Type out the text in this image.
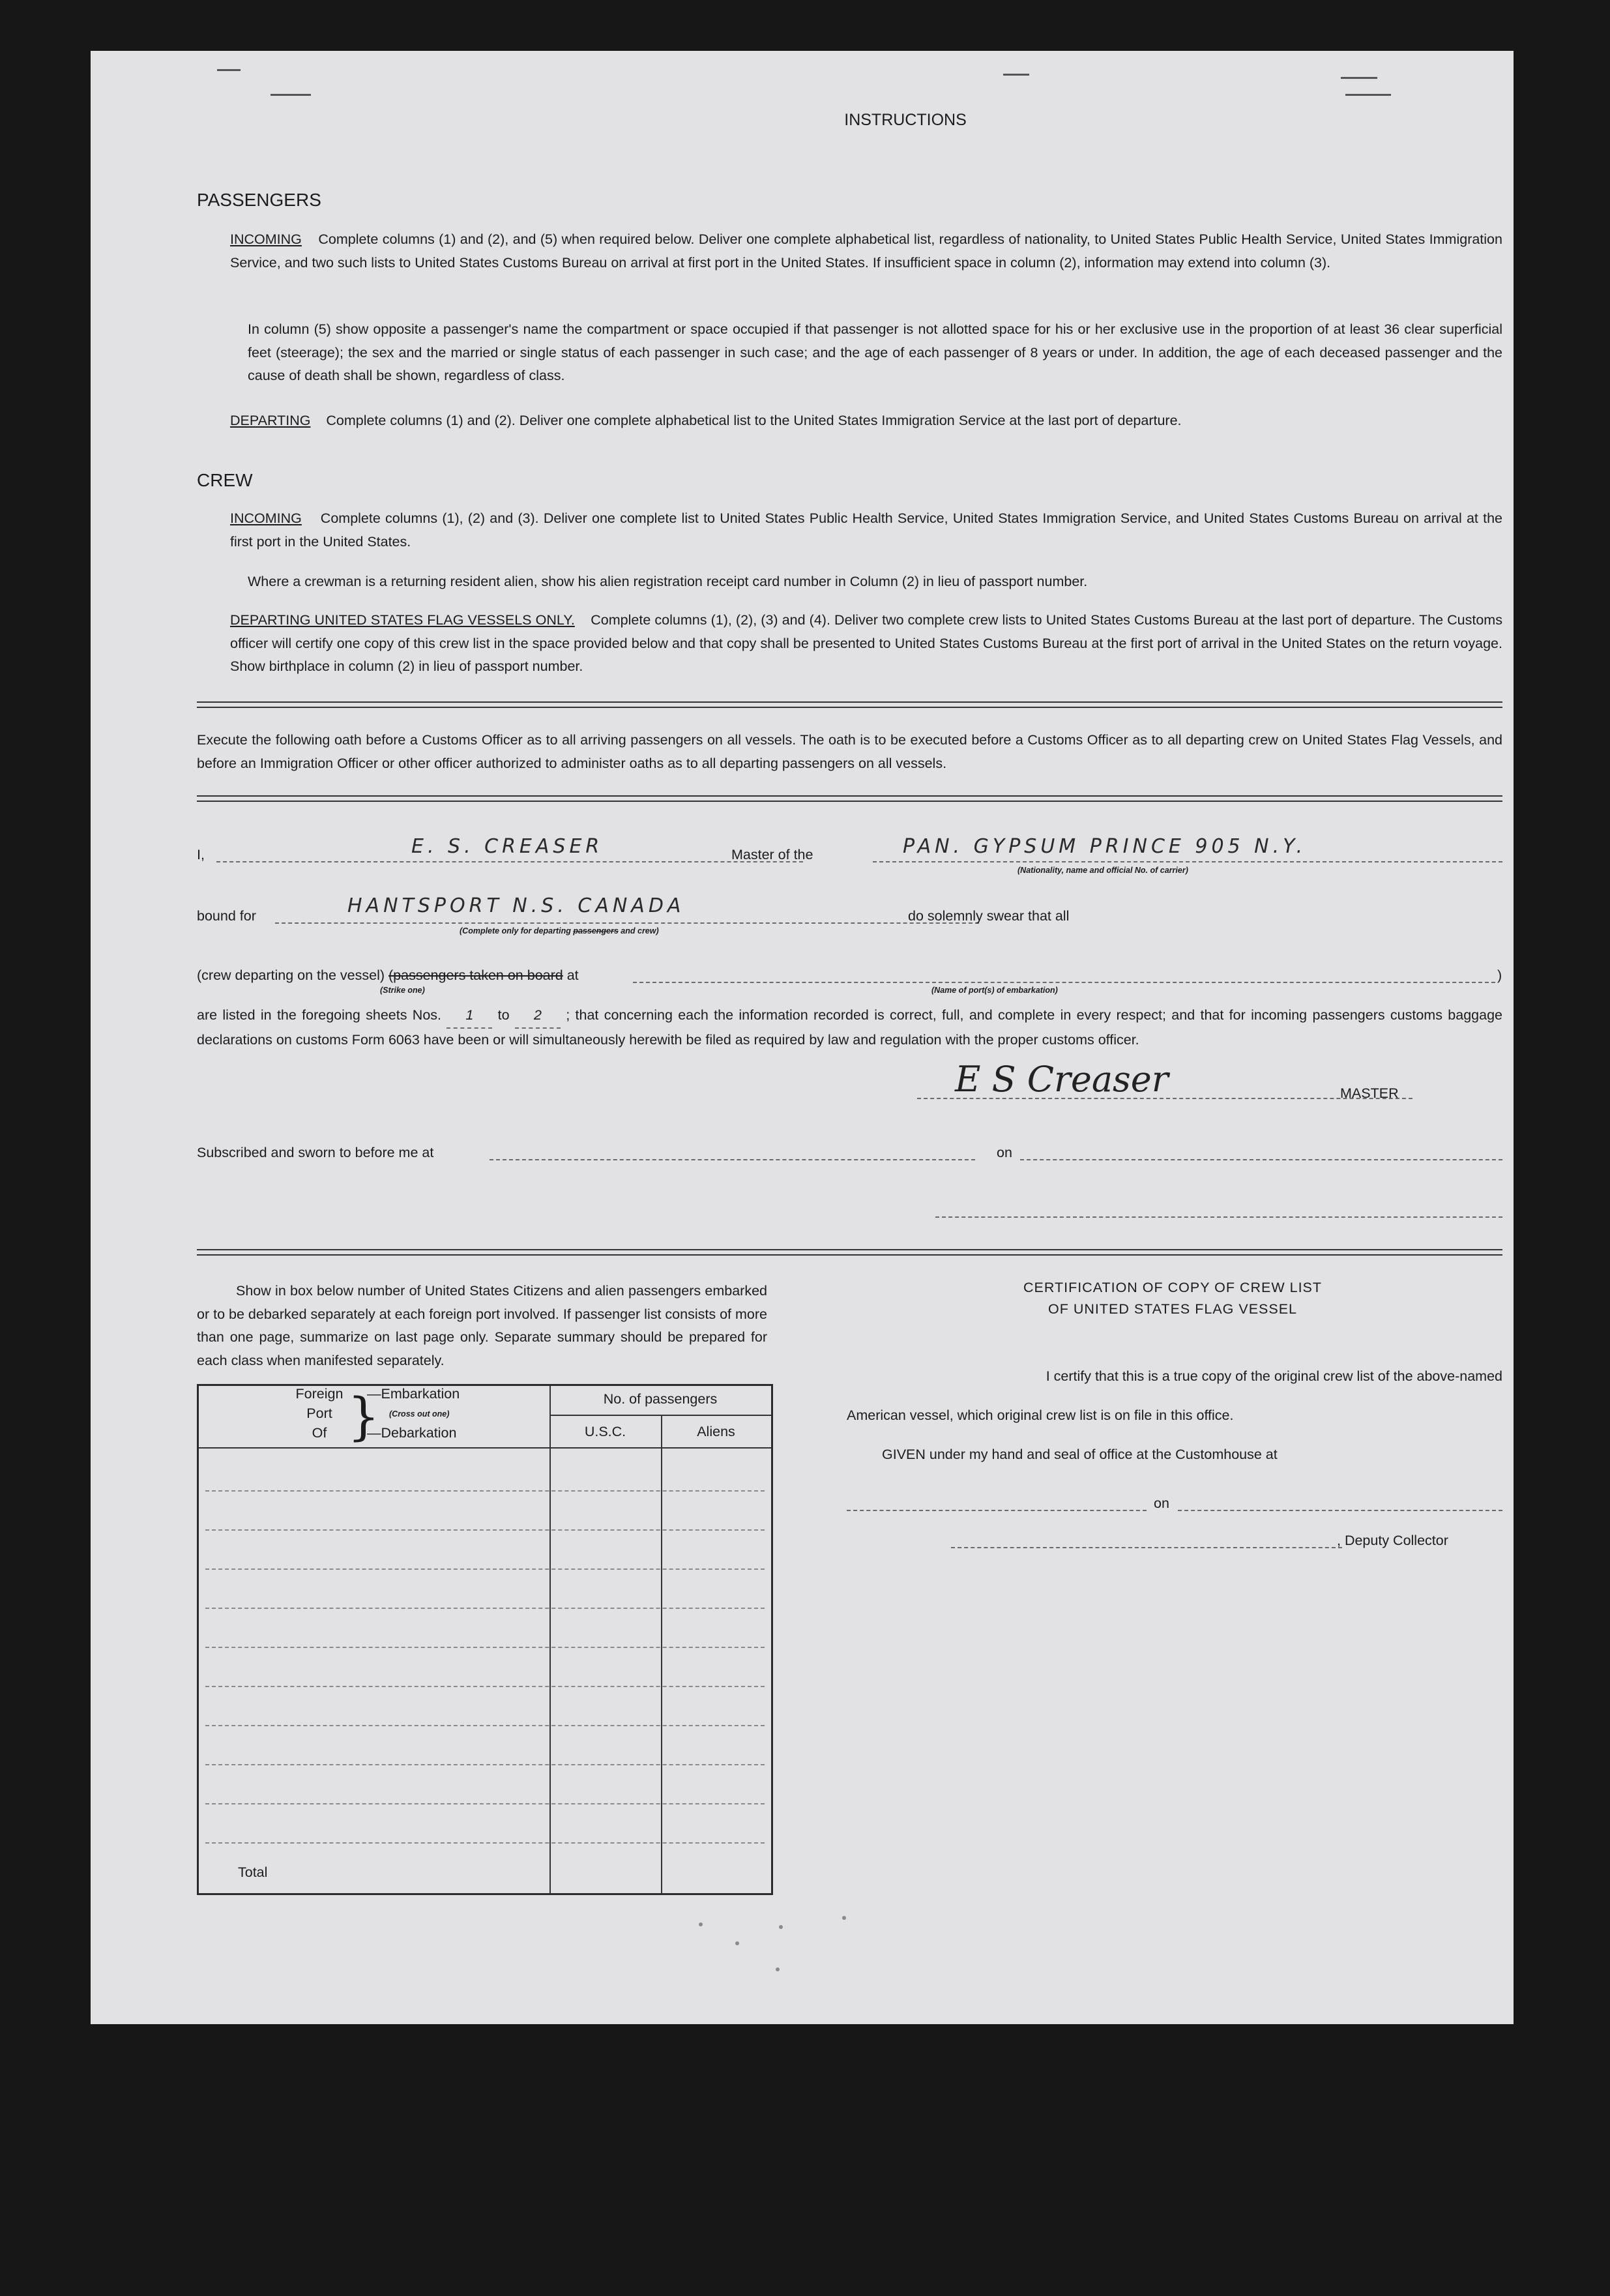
INSTRUCTIONS
PASSENGERS
INCOMING Complete columns (1) and (2), and (5) when required below. Deliver one complete alphabetical list, regardless of nationality, to United States Public Health Service, United States Immigration Service, and two such lists to United States Customs Bureau on arrival at first port in the United States. If insufficient space in column (2), information may extend into column (3).
In column (5) show opposite a passenger's name the compartment or space occupied if that passenger is not allotted space for his or her exclusive use in the proportion of at least 36 clear superficial feet (steerage); the sex and the married or single status of each passenger in such case; and the age of each passenger of 8 years or under. In addition, the age of each deceased passenger and the cause of death shall be shown, regardless of class.
DEPARTING Complete columns (1) and (2). Deliver one complete alphabetical list to the United States Immigration Service at the last port of departure.
CREW
INCOMING Complete columns (1), (2) and (3). Deliver one complete list to United States Public Health Service, United States Immigration Service, and United States Customs Bureau on arrival at the first port in the United States.
Where a crewman is a returning resident alien, show his alien registration receipt card number in Column (2) in lieu of passport number.
DEPARTING UNITED STATES FLAG VESSELS ONLY. Complete columns (1), (2), (3) and (4). Deliver two complete crew lists to United States Customs Bureau at the last port of departure. The Customs officer will certify one copy of this crew list in the space provided below and that copy shall be presented to United States Customs Bureau at the first port of arrival in the United States on the return voyage. Show birthplace in column (2) in lieu of passport number.
Execute the following oath before a Customs Officer as to all arriving passengers on all vessels. The oath is to be executed before a Customs Officer as to all departing crew on United States Flag Vessels, and before an Immigration Officer or other officer authorized to administer oaths as to all departing passengers on all vessels.
I,	E. S. CREASER	Master of the	PAN. GYPSUM PRINCE 905 N.Y.
(Nationality, name and official No. of carrier)
bound for	HANTSPORT N.S. CANADA
(Complete only for departing passengers and crew)
do solemnly swear that all
(crew departing on the vessel) (passengers taken on board at	)
(Strike one)	(Name of port(s) of embarkation)
are listed in the foregoing sheets Nos. 1 to 2 ; that concerning each the information recorded is correct, full, and complete in every respect; and that for incoming passengers customs baggage declarations on customs Form 6063 have been or will simultaneously herewith be filed as required by law and regulation with the proper customs officer.
E S Creaser	MASTER
Subscribed and sworn to before me at	on
Show in box below number of United States Citizens and alien passengers embarked or to be debarked separately at each foreign port involved. If passenger list consists of more than one page, summarize on last page only. Separate summary should be prepared for each class when manifested separately.
Foreign
Port
Of }
—Embarkation
(Cross out one)
—Debarkation
No. of passengers
U.S.C.	Aliens
Total
CERTIFICATION OF COPY OF CREW LIST
OF UNITED STATES FLAG VESSEL
I certify that this is a true copy of the original crew list of the above-named
American vessel, which original crew list is on file in this office.
GIVEN under my hand and seal of office at the Customhouse at
on
, Deputy Collector
